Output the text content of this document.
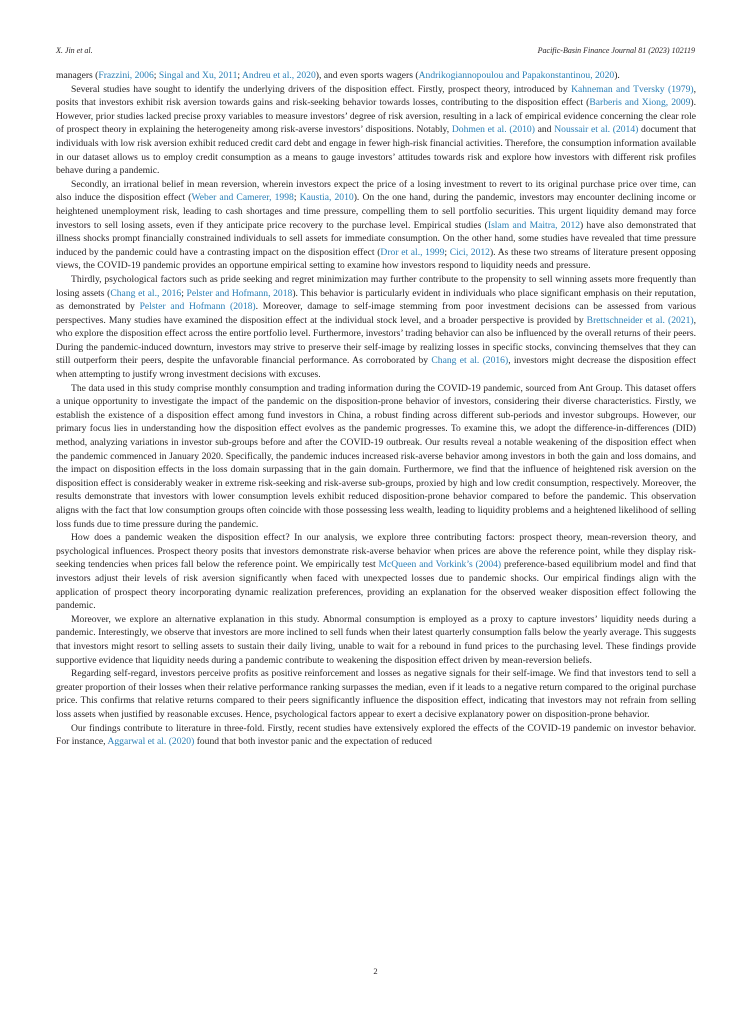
X. Jin et al.	Pacific-Basin Finance Journal 81 (2023) 102119

managers (Frazzini, 2006; Singal and Xu, 2011; Andreu et al., 2020), and even sports wagers (Andrikogiannopoulou and Papakonstantinou, 2020).

Several studies have sought to identify the underlying drivers of the disposition effect. Firstly, prospect theory, introduced by Kahneman and Tversky (1979), posits that investors exhibit risk aversion towards gains and risk-seeking behavior towards losses, contributing to the disposition effect (Barberis and Xiong, 2009). However, prior studies lacked precise proxy variables to measure investors’ degree of risk aversion, resulting in a lack of empirical evidence concerning the clear role of prospect theory in explaining the heterogeneity among risk-averse investors’ dispositions. Notably, Dohmen et al. (2010) and Noussair et al. (2014) document that individuals with low risk aversion exhibit reduced credit card debt and engage in fewer high-risk financial activities. Therefore, the consumption information available in our dataset allows us to employ credit consumption as a means to gauge investors’ attitudes towards risk and explore how investors with different risk profiles behave during a pandemic.

Secondly, an irrational belief in mean reversion, wherein investors expect the price of a losing investment to revert to its original purchase price over time, can also induce the disposition effect (Weber and Camerer, 1998; Kaustia, 2010). On the one hand, during the pandemic, investors may encounter declining income or heightened unemployment risk, leading to cash shortages and time pressure, compelling them to sell portfolio securities. This urgent liquidity demand may force investors to sell losing assets, even if they anticipate price recovery to the purchase level. Empirical studies (Islam and Maitra, 2012) have also demonstrated that illness shocks prompt financially constrained individuals to sell assets for immediate consumption. On the other hand, some studies have revealed that time pressure induced by the pandemic could have a contrasting impact on the disposition effect (Dror et al., 1999; Cici, 2012). As these two streams of literature present opposing views, the COVID-19 pandemic provides an opportune empirical setting to examine how investors respond to liquidity needs and pressure.

Thirdly, psychological factors such as pride seeking and regret minimization may further contribute to the propensity to sell winning assets more frequently than losing assets (Chang et al., 2016; Pelster and Hofmann, 2018). This behavior is particularly evident in individuals who place significant emphasis on their reputation, as demonstrated by Pelster and Hofmann (2018). Moreover, damage to self-image stemming from poor investment decisions can be assessed from various perspectives. Many studies have examined the disposition effect at the individual stock level, and a broader perspective is provided by Brettschneider et al. (2021), who explore the disposition effect across the entire portfolio level. Furthermore, investors’ trading behavior can also be influenced by the overall returns of their peers. During the pandemic-induced downturn, investors may strive to preserve their self-image by realizing losses in specific stocks, convincing themselves that they can still outperform their peers, despite the unfavorable financial performance. As corroborated by Chang et al. (2016), investors might decrease the disposition effect when attempting to justify wrong investment decisions with excuses.

The data used in this study comprise monthly consumption and trading information during the COVID-19 pandemic, sourced from Ant Group. This dataset offers a unique opportunity to investigate the impact of the pandemic on the disposition-prone behavior of investors, considering their diverse characteristics. Firstly, we establish the existence of a disposition effect among fund investors in China, a robust finding across different sub-periods and investor subgroups. However, our primary focus lies in understanding how the disposition effect evolves as the pandemic progresses. To examine this, we adopt the difference-in-differences (DID) method, analyzing variations in investor sub-groups before and after the COVID-19 outbreak. Our results reveal a notable weakening of the disposition effect when the pandemic commenced in January 2020. Specifically, the pandemic induces increased risk-averse behavior among investors in both the gain and loss domains, and the impact on disposition effects in the loss domain surpassing that in the gain domain. Furthermore, we find that the influence of heightened risk aversion on the disposition effect is considerably weaker in extreme risk-seeking and risk-averse sub-groups, proxied by high and low credit consumption, respectively. Moreover, the results demonstrate that investors with lower consumption levels exhibit reduced disposition-prone behavior compared to before the pandemic. This observation aligns with the fact that low consumption groups often coincide with those possessing less wealth, leading to liquidity problems and a heightened likelihood of selling loss funds due to time pressure during the pandemic.

How does a pandemic weaken the disposition effect? In our analysis, we explore three contributing factors: prospect theory, mean-reversion theory, and psychological influences. Prospect theory posits that investors demonstrate risk-averse behavior when prices are above the reference point, while they display risk-seeking tendencies when prices fall below the reference point. We empirically test McQueen and Vorkink’s (2004) preference-based equilibrium model and find that investors adjust their levels of risk aversion significantly when faced with unexpected losses due to pandemic shocks. Our empirical findings align with the application of prospect theory incorporating dynamic realization preferences, providing an explanation for the observed weaker disposition effect following the pandemic.

Moreover, we explore an alternative explanation in this study. Abnormal consumption is employed as a proxy to capture investors’ liquidity needs during a pandemic. Interestingly, we observe that investors are more inclined to sell funds when their latest quarterly consumption falls below the yearly average. This suggests that investors might resort to selling assets to sustain their daily living, unable to wait for a rebound in fund prices to the purchasing level. These findings provide supportive evidence that liquidity needs during a pandemic contribute to weakening the disposition effect driven by mean-reversion beliefs.

Regarding self-regard, investors perceive profits as positive reinforcement and losses as negative signals for their self-image. We find that investors tend to sell a greater proportion of their losses when their relative performance ranking surpasses the median, even if it leads to a negative return compared to the original purchase price. This confirms that relative returns compared to their peers significantly influence the disposition effect, indicating that investors may not refrain from selling loss assets when justified by reasonable excuses. Hence, psychological factors appear to exert a decisive explanatory power on disposition-prone behavior.

Our findings contribute to literature in three-fold. Firstly, recent studies have extensively explored the effects of the COVID-19 pandemic on investor behavior. For instance, Aggarwal et al. (2020) found that both investor panic and the expectation of reduced

2
